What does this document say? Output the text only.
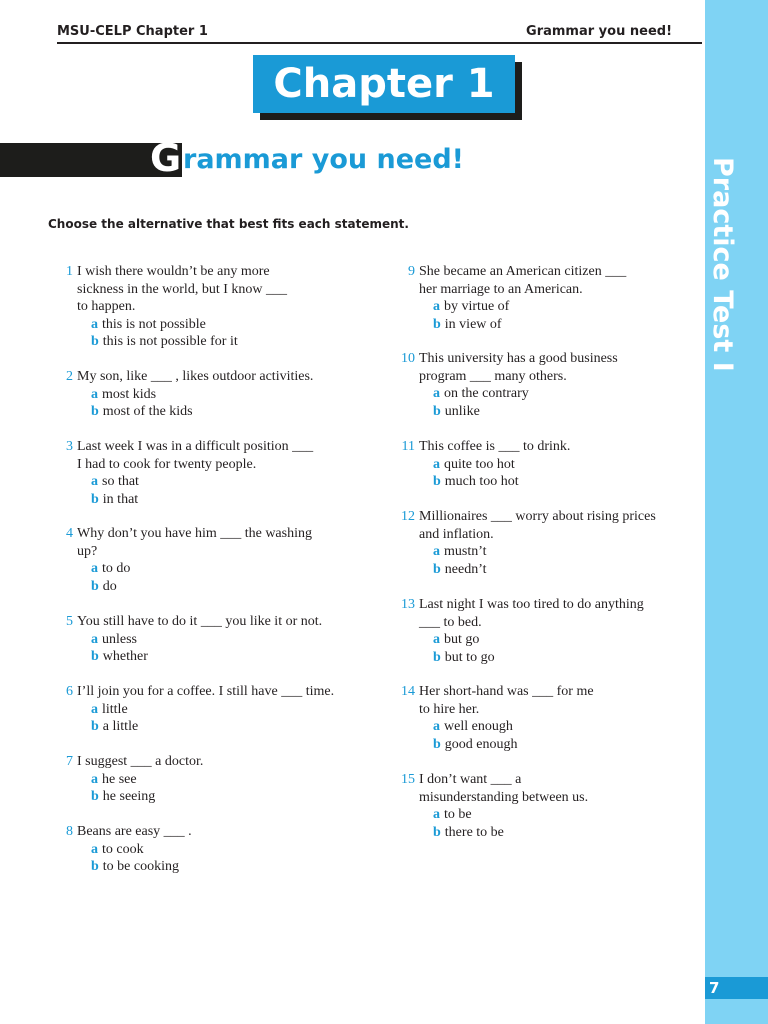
Practice Test I
7
MSU-CELP Chapter 1	Grammar you need!
Chapter 1
G rammar you need!
Choose the alternative that best fits each statement.
1 I wish there wouldn’t be any more
sickness in the world, but I know ___
to happen.
a this is not possible
b this is not possible for it
2 My son, like ___ , likes outdoor activities.
a most kids
b most of the kids
3 Last week I was in a difficult position ___
I had to cook for twenty people.
a so that
b in that
4 Why don’t you have him ___ the washing
up?
a to do
b do
5 You still have to do it ___ you like it or not.
a unless
b whether
6 I’ll join you for a coffee. I still have ___ time.
a little
b a little
7 I suggest ___ a doctor.
a he see
b he seeing
8 Beans are easy ___ .
a to cook
b to be cooking
9 She became an American citizen ___
her marriage to an American.
a by virtue of
b in view of
10 This university has a good business
program ___ many others.
a on the contrary
b unlike
11 This coffee is ___ to drink.
a quite too hot
b much too hot
12 Millionaires ___ worry about rising prices
and inflation.
a mustn’t
b needn’t
13 Last night I was too tired to do anything
___ to bed.
a but go
b but to go
14 Her short-hand was ___ for me
to hire her.
a well enough
b good enough
15 I don’t want ___ a
misunderstanding between us.
a to be
b there to be
